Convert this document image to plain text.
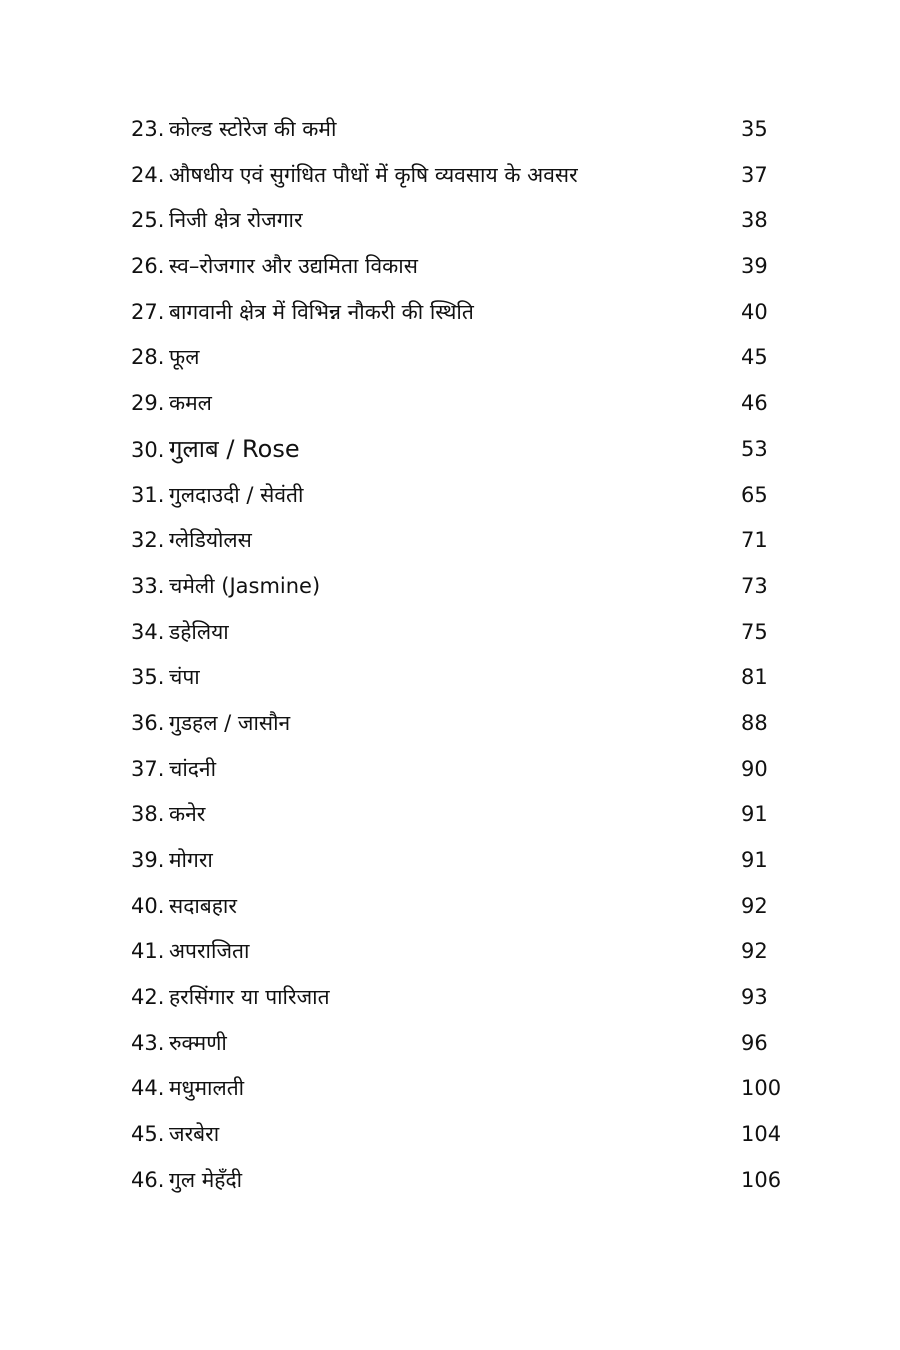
23. कोल्ड स्टोरेज की कमी	35
24. औषधीय एवं सुगंधित पौधों में कृषि व्यवसाय के अवसर	37
25. निजी क्षेत्र रोजगार	38
26. स्व–रोजगार और उद्यमिता विकास	39
27. बागवानी क्षेत्र में विभिन्न नौकरी की स्थिति	40
28. फूल	45
29. कमल	46
30. गुलाब / Rose	53
31. गुलदाउदी / सेवंती	65
32. ग्लेडियोलस	71
33. चमेली (Jasmine)	73
34. डहेलिया	75
35. चंपा	81
36. गुडहल / जासौन	88
37. चांदनी	90
38. कनेर	91
39. मोगरा	91
40. सदाबहार	92
41. अपराजिता	92
42. हरसिंगार या पारिजात	93
43. रुक्मणी	96
44. मधुमालती	100
45. जरबेरा	104
46. गुल मेहँदी	106
